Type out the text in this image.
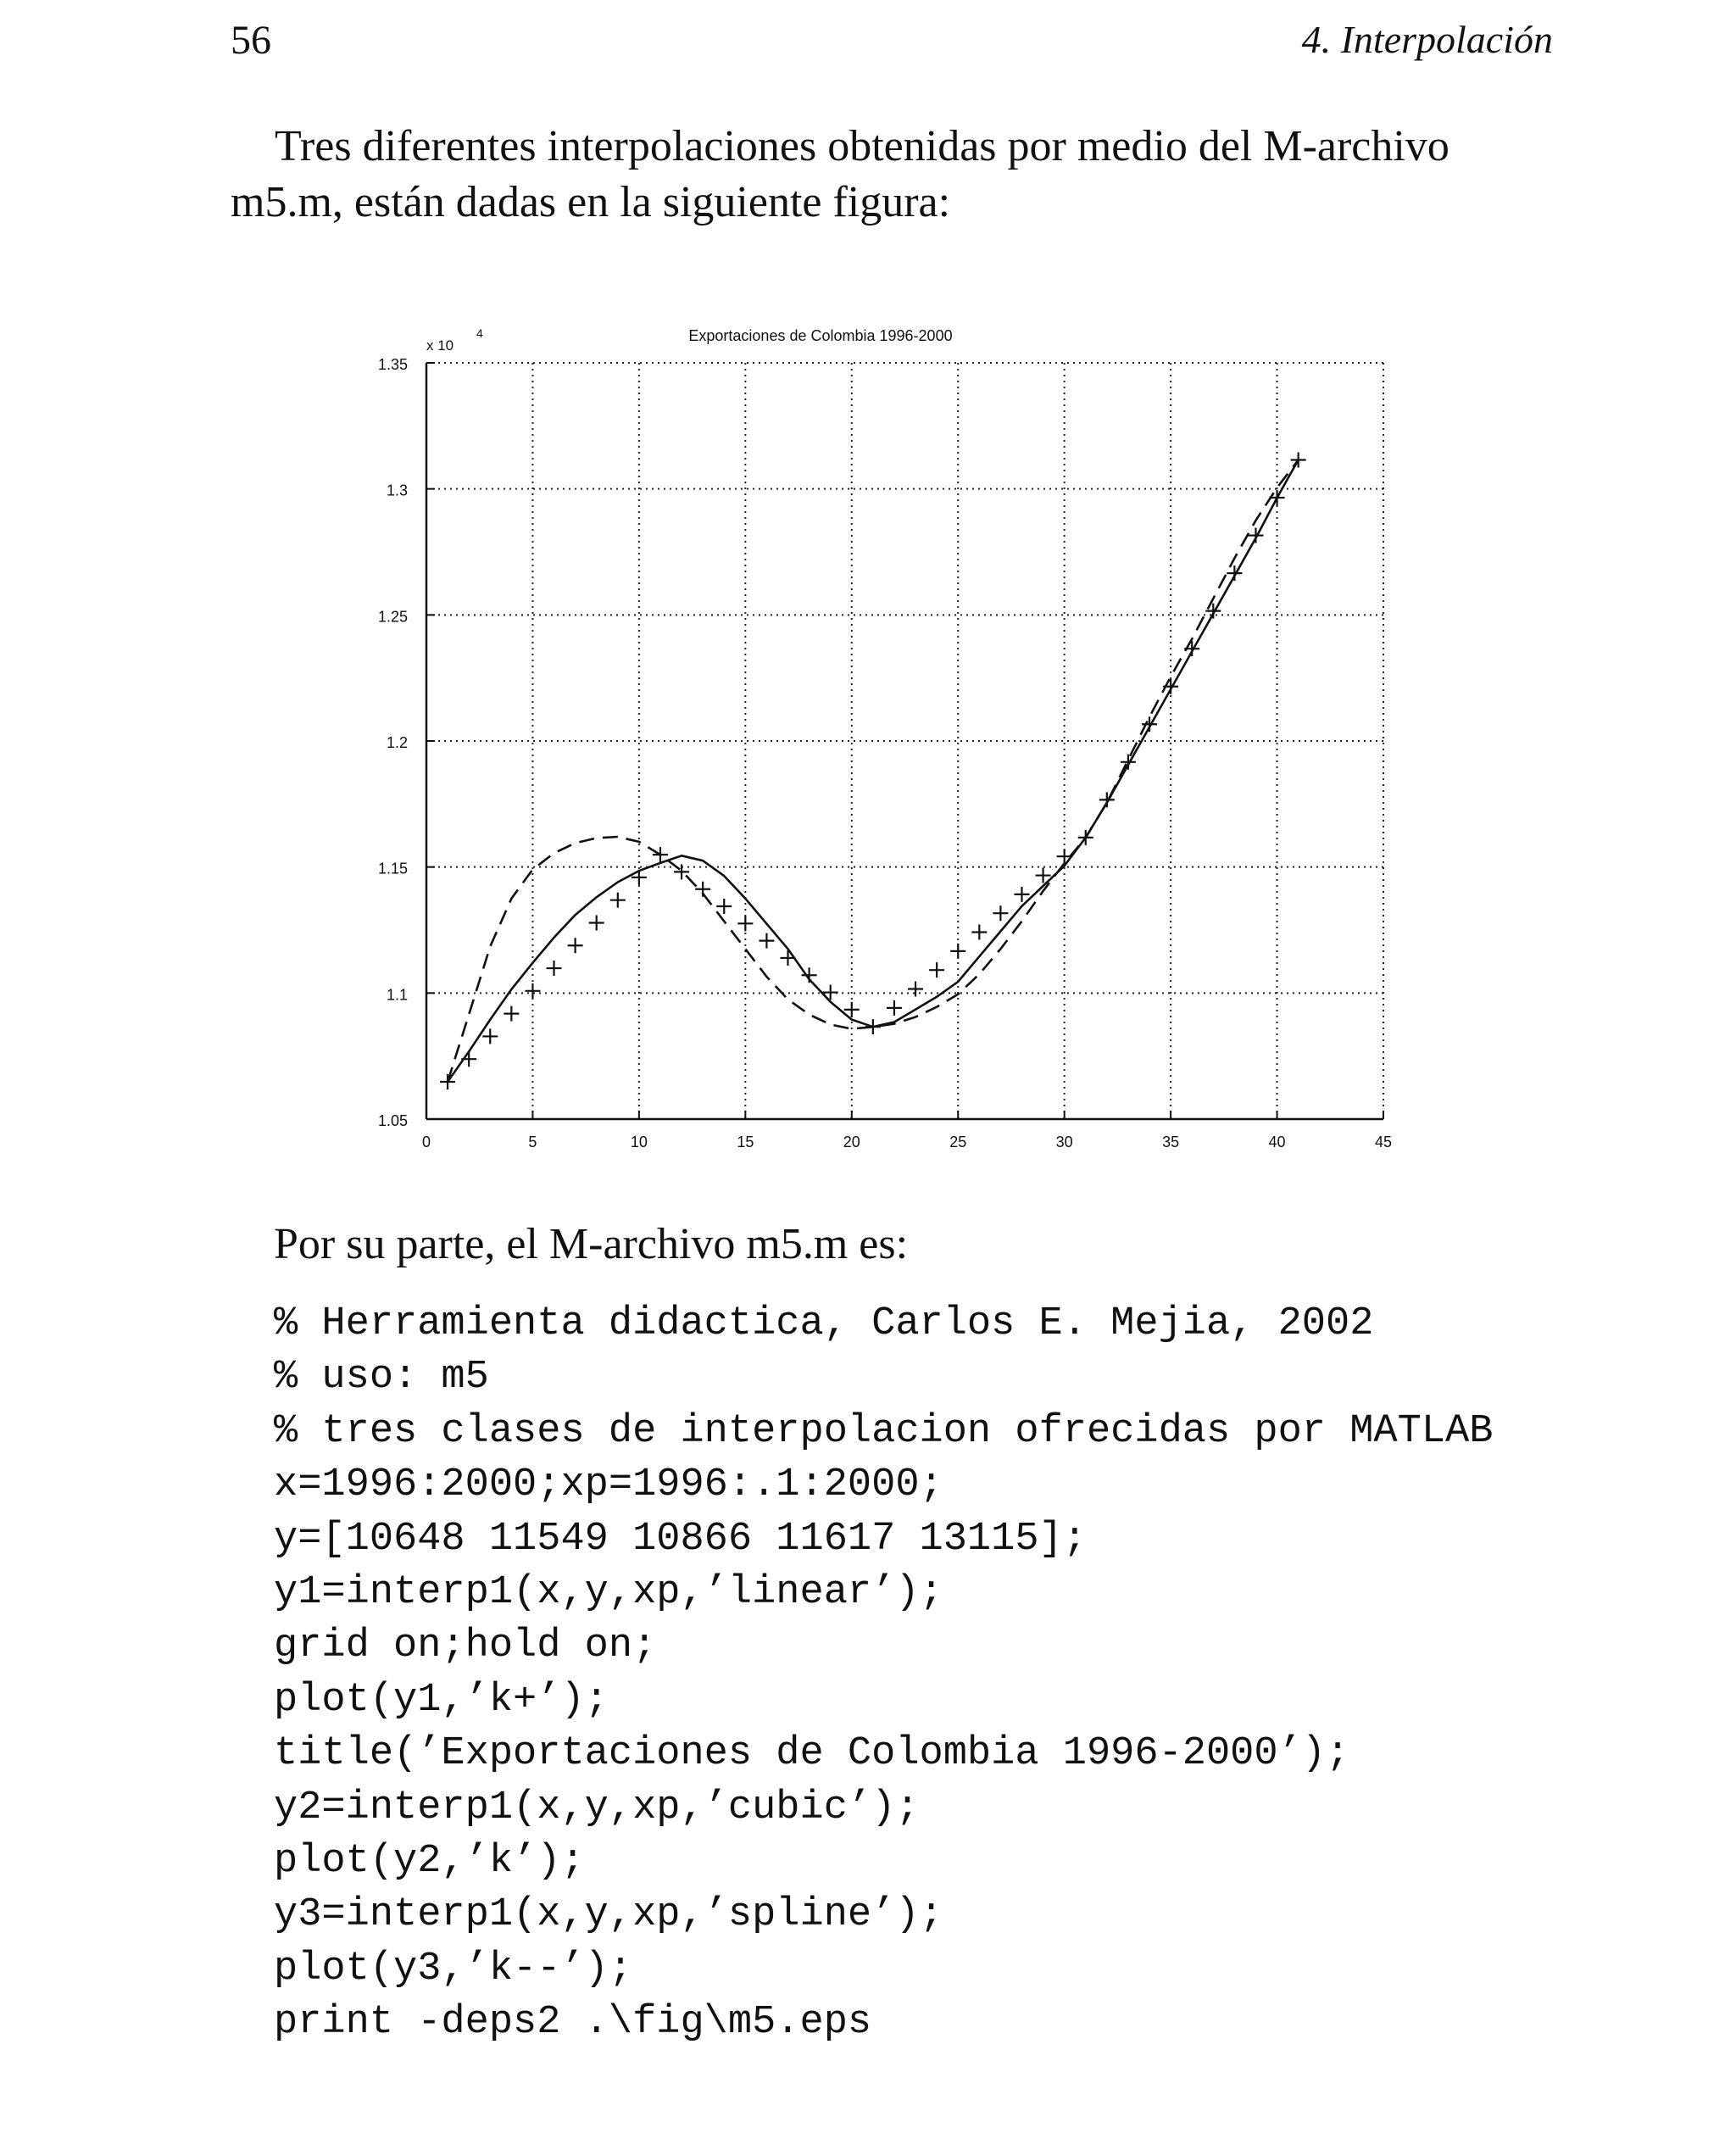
56	4. Interpolación

Tres diferentes interpolaciones obtenidas por medio del M-archivo m5.m, están dadas en la siguiente figura:

Exportaciones de Colombia 1996-2000
x 10
4
0	5	10	15	20	25	30	35	40	45
1.05
1.1
1.15
1.2
1.25
1.3
1.35

Por su parte, el M-archivo m5.m es:

% Herramienta didactica, Carlos E. Mejia, 2002
% uso: m5
% tres clases de interpolacion ofrecidas por MATLAB
x=1996:2000;xp=1996:.1:2000;
y=[10648 11549 10866 11617 13115];
y1=interp1(x,y,xp,’linear’);
grid on;hold on;
plot(y1,’k+’);
title(’Exportaciones de Colombia 1996-2000’);
y2=interp1(x,y,xp,’cubic’);
plot(y2,’k’);
y3=interp1(x,y,xp,’spline’);
plot(y3,’k--’);
print -deps2 .\fig\m5.eps
